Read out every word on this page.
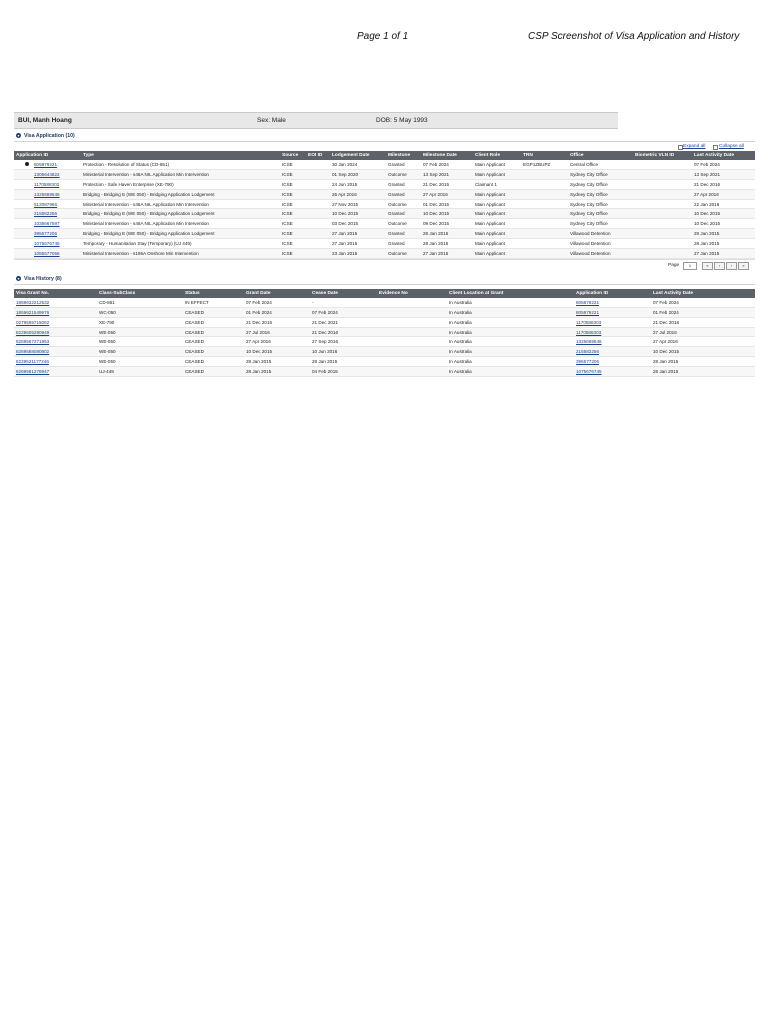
Page 1 of 1	CSP Screenshot of Visa Application and History
BUI, Manh Hoang	Sex: Male	DOB: 5 May 1993
▾ Visa Application (10)
Expand all	Collapse all
Application ID	Type	Source	EOI ID	Lodgement Date	Milestone	Milestone Date	Client Role	TRN	Office	Biometric VLN ID	Last Activity Date

805879221	Protection - Resolution of Status (CD-851)	ICSE		30 Jan 2024	Granted	07 Feb 2024	Main Applicant	EGP1ZBUPZ	Central Office		07 Feb 2024
1305644822	Ministerial Intervention - s46A NIL Application Min Intervention	ICSE		01 Sep 2020	Outcome	13 Sep 2021	Main Applicant		Sydney City Office		13 Sep 2021
1170588303	Protection - Safe Haven Enterprise (XE-790)	ICSE		24 Jun 2015	Granted	21 Dec 2015	Claimant 1		Sydney City Office		21 Dec 2016
1325669546	Bridging - Bridging E (WE 050) - Bridging Application Lodgement	ICSE		26 Apr 2016	Granted	27 Apr 2016	Main Applicant		Sydney City Office		27 Apr 2016
512087966	Ministerial Intervention - s46A NIL Application Min Intervention	ICSE		27 Nov 2015	Outcome	01 Dec 2015	Main Applicant		Sydney City Office		22 Jan 2016
215582256	Bridging - Bridging E (WE 050) - Bridging Application Lodgement	ICSE		10 Dec 2015	Granted	10 Dec 2015	Main Applicant		Sydney City Office		10 Dec 2015
1035667597	Ministerial Intervention - s46A NIL Application Min Intervention	ICSE		03 Dec 2015	Outcome	09 Dec 2015	Main Applicant		Sydney City Office		10 Dec 2015
395577206	Bridging - Bridging E (WE 050) - Bridging Application Lodgement	ICSE		27 Jan 2015	Granted	28 Jan 2015	Main Applicant		Villawood Detention		28 Jan 2015
1075676745	Temporary - Humanitarian Stay (Temporary) (UJ 449)	ICSE		27 Jan 2015	Granted	28 Jan 2015	Main Applicant		Villawood Detention		28 Jan 2015
1085577056	Ministerial Intervention - s195A Onshore Min Intervention	ICSE		23 Jan 2015	Outcome	27 Jan 2015	Main Applicant		Villawood Detention		27 Jan 2015
Page	1	«	‹	›	»
▾ Visa History (8)
Visa Grant No.	Class-SubClass	Status	Grant Date	Cease Date	Evidence No	Client Location at Grant	Application ID	Last Activity Date
1859632212532	CD-851	IN EFFECT	07 Feb 2024	-		In Australia	805879221	07 Feb 2024
1859621549976	WC-050	CEASED	01 Feb 2024	07 Feb 2024		In Australia	805879221	01 Feb 2024
0279565715062	XE-790	CEASED	21 Dec 2016	21 Dec 2021		In Australia	1170588303	21 Dec 2016
8229605290949	WE-050	CEASED	27 Jul 2016	21 Dec 2016		In Australia	1170588303	27 Jul 2016
8269567271953	WE-050	CEASED	27 Apr 2016	27 Sep 2016		In Australia	1325669546	27 Apr 2016
8269568080802	WE-050	CEASED	10 Dec 2015	10 Jun 2016		In Australia	215582256	10 Dec 2015
8229521177246	WE-050	CEASED	28 Jan 2015	28 Jan 2015		In Australia	395577206	28 Jan 2015
8269581278947	UJ-449	CEASED	28 Jan 2015	04 Feb 2015		In Australia	1075676745	28 Jan 2015
